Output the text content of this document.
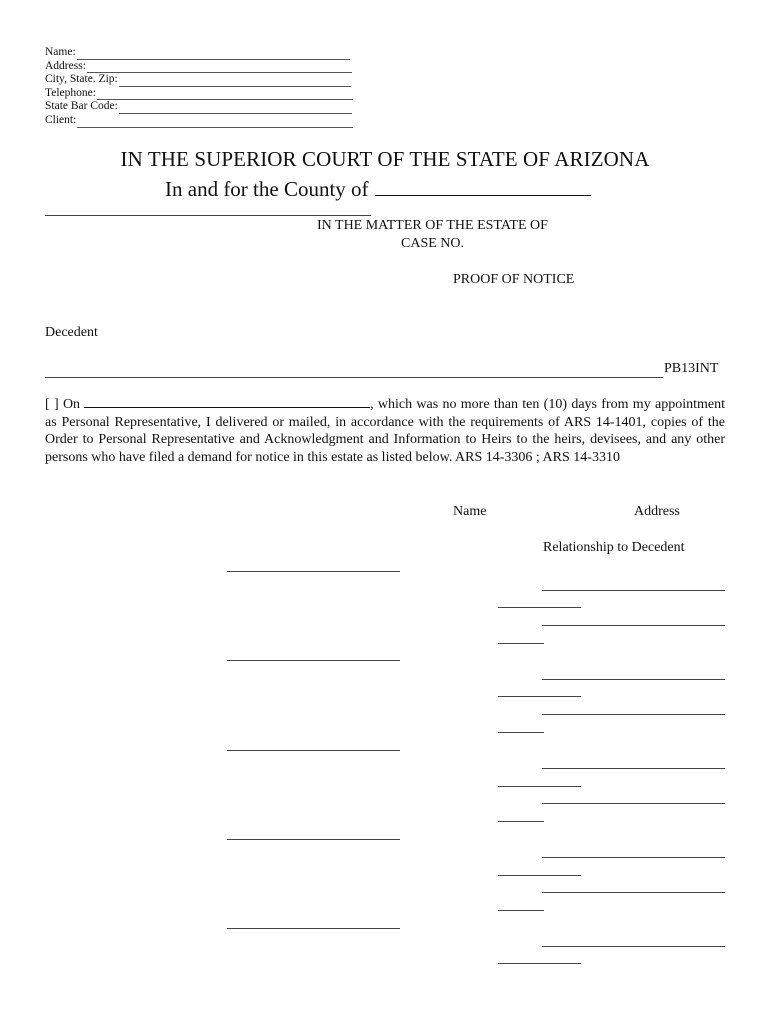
Name:
Address:
City, State. Zip:
Telephone:
State Bar Code:
Client:
IN THE SUPERIOR COURT OF THE STATE OF ARIZONA
In and for the County of
IN THE MATTER OF THE ESTATE OF
CASE NO.
PROOF OF NOTICE
Decedent
PB13INT
[ ] On	, which was no more than ten (10) days from my appointment as Personal Representative, I delivered or mailed, in accordance with the requirements of ARS 14-1401, copies of the Order to Personal Representative and Acknowledgment and Information to Heirs to the heirs, devisees, and any other persons who have filed a demand for notice in this estate as listed below. ARS 14-3306 ; ARS 14-3310
Name	Address
Relationship to Decedent
